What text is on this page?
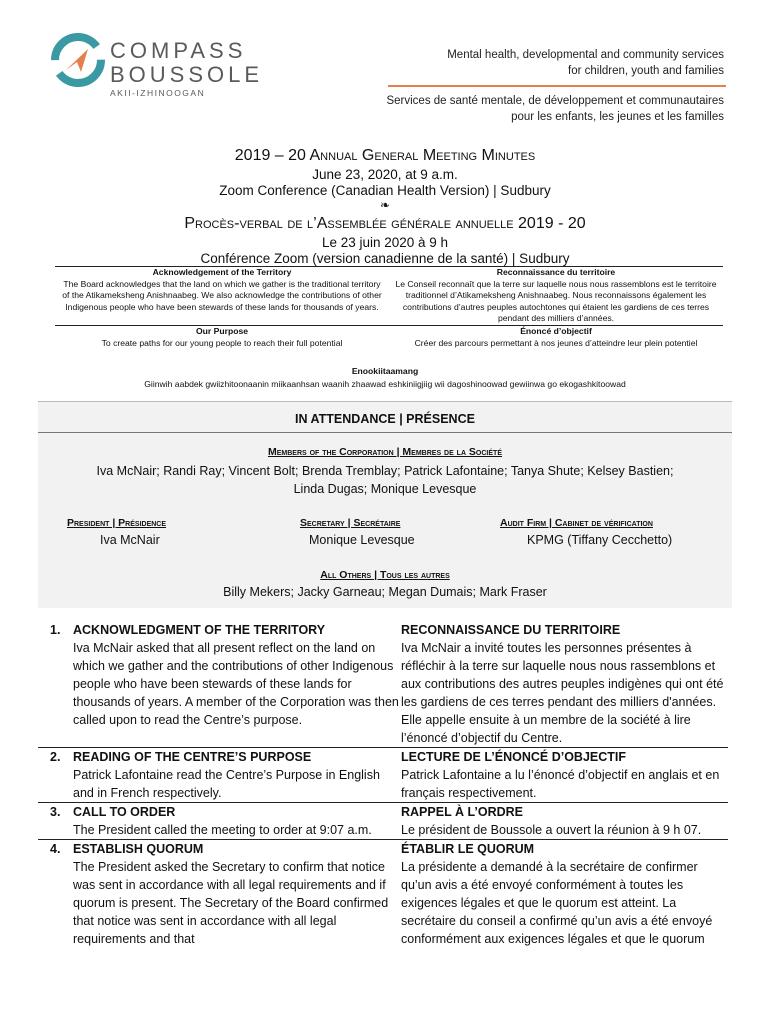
COMPASS
BOUSSOLE
AKII-IZHINOOGAN
Mental health, developmental and community services
for children, youth and families
Services de santé mentale, de développement et communautaires
pour les enfants, les jeunes et les familles
2019 – 20 Annual General Meeting Minutes
June 23, 2020, at 9 a.m.
Zoom Conference (Canadian Health Version) | Sudbury
❧
Procès-verbal de l’Assemblée générale annuelle 2019 - 20
Le 23 juin 2020 à 9 h
Conférence Zoom (version canadienne de la santé) | Sudbury
Acknowledgement of the Territory
The Board acknowledges that the land on which we gather is the traditional territory of the Atikameksheng Anishnaabeg. We also acknowledge the contributions of other Indigenous people who have been stewards of these lands for thousands of years.
Reconnaissance du territoire
Le Conseil reconnaît que la terre sur laquelle nous nous rassemblons est le territoire traditionnel d’Atikameksheng Anishnaabeg. Nous reconnaissons également les contributions d’autres peuples autochtones qui étaient les gardiens de ces terres pendant des milliers d’années.
Our Purpose
To create paths for our young people to reach their full potential
Énoncé d’objectif
Créer des parcours permettant à nos jeunes d’atteindre leur plein potentiel
Enookiitaamang
Giinwih aabdek gwiizhitoonaanin miikaanhsan waanih zhaawad eshkiniigjiig wii dagoshinoowad gewiinwa go ekogashkitoowad
IN ATTENDANCE | PRÉSENCE
Members of the Corporation | Membres de la Société
Iva McNair; Randi Ray; Vincent Bolt; Brenda Tremblay; Patrick Lafontaine; Tanya Shute; Kelsey Bastien;
Linda Dugas; Monique Levesque
President | Présidence
Iva McNair
Secretary | Secrétaire
Monique Levesque
Audit Firm | Cabinet de vérification
KPMG (Tiffany Cecchetto)
All Others | Tous les autres
Billy Mekers; Jacky Garneau; Megan Dumais; Mark Fraser
1.	ACKNOWLEDGMENT OF THE TERRITORY
Iva McNair asked that all present reflect on the land on which we gather and the contributions of other Indigenous people who have been stewards of these lands for thousands of years. A member of the Corporation was then called upon to read the Centre’s purpose.
RECONNAISSANCE DU TERRITOIRE
Iva McNair a invité toutes les personnes présentes à réfléchir à la terre sur laquelle nous nous rassemblons et aux contributions des autres peuples indigènes qui ont été les gardiens de ces terres pendant des milliers d'années. Elle appelle ensuite à un membre de la société à lire l’énoncé d’objectif du Centre.
2.	READING OF THE CENTRE’S PURPOSE
Patrick Lafontaine read the Centre’s Purpose in English and in French respectively.
LECTURE DE L’ÉNONCÉ D’OBJECTIF
Patrick Lafontaine a lu l’énoncé d’objectif en anglais et en français respectivement.
3.	CALL TO ORDER
The President called the meeting to order at 9:07 a.m.
RAPPEL À L’ORDRE
Le président de Boussole a ouvert la réunion à 9 h 07.
4.	ESTABLISH QUORUM
The President asked the Secretary to confirm that notice was sent in accordance with all legal requirements and if quorum is present. The Secretary of the Board confirmed that notice was sent in accordance with all legal requirements and that
ÉTABLIR LE QUORUM
La présidente a demandé à la secrétaire de confirmer qu’un avis a été envoyé conformément à toutes les exigences légales et que le quorum est atteint. La secrétaire du conseil a confirmé qu’un avis a été envoyé conformément aux exigences légales et que le quorum
